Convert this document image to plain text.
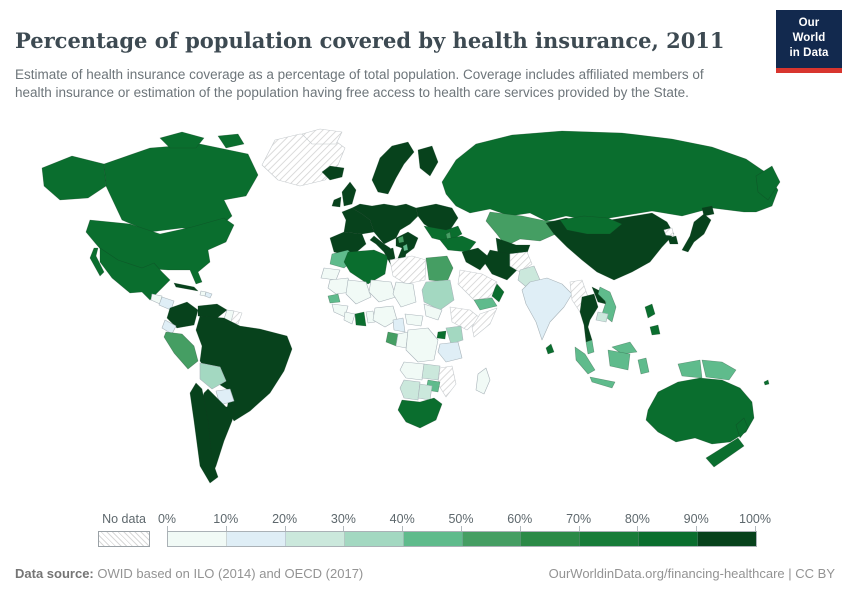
Percentage of population covered by health insurance, 2011

Estimate of health insurance coverage as a percentage of total population. Coverage includes affiliated members of health insurance or estimation of the population having free access to health care services provided by the State.

Our World
in Data
No data 0%	10%	20%	30%	40%	50%	60%	70%	80%	90% 100%
Data source: OWID based on ILO (2014) and OECD (2017)	OurWorldinData.org/financing-healthcare | CC BY
